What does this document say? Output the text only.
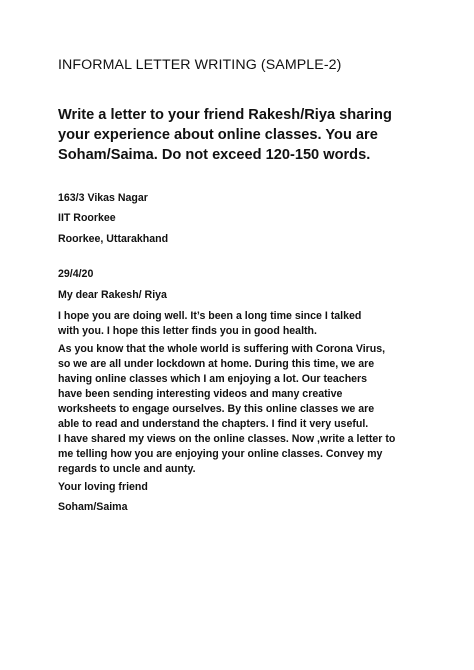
INFORMAL LETTER WRITING (SAMPLE-2)
Write a letter to your friend Rakesh/Riya sharing
your experience about online classes. You are
Soham/Saima. Do not exceed 120-150 words.
163/3 Vikas Nagar
IIT Roorkee
Roorkee, Uttarakhand
29/4/20
My dear Rakesh/ Riya
I hope you are doing well. It’s been a long time since I talked
with you. I hope this letter finds you in good health.
As you know that the whole world is suffering with Corona Virus,
so we are all under lockdown at home. During this time, we are
having online classes which I am enjoying a lot. Our teachers
have been sending interesting videos and many creative
worksheets to engage ourselves. By this online classes we are
able to read and understand the chapters. I find it very useful.
I have shared my views on the online classes. Now ,write a letter to
me telling how you are enjoying your online classes. Convey my
regards to uncle and aunty.
Your loving friend
Soham/Saima
